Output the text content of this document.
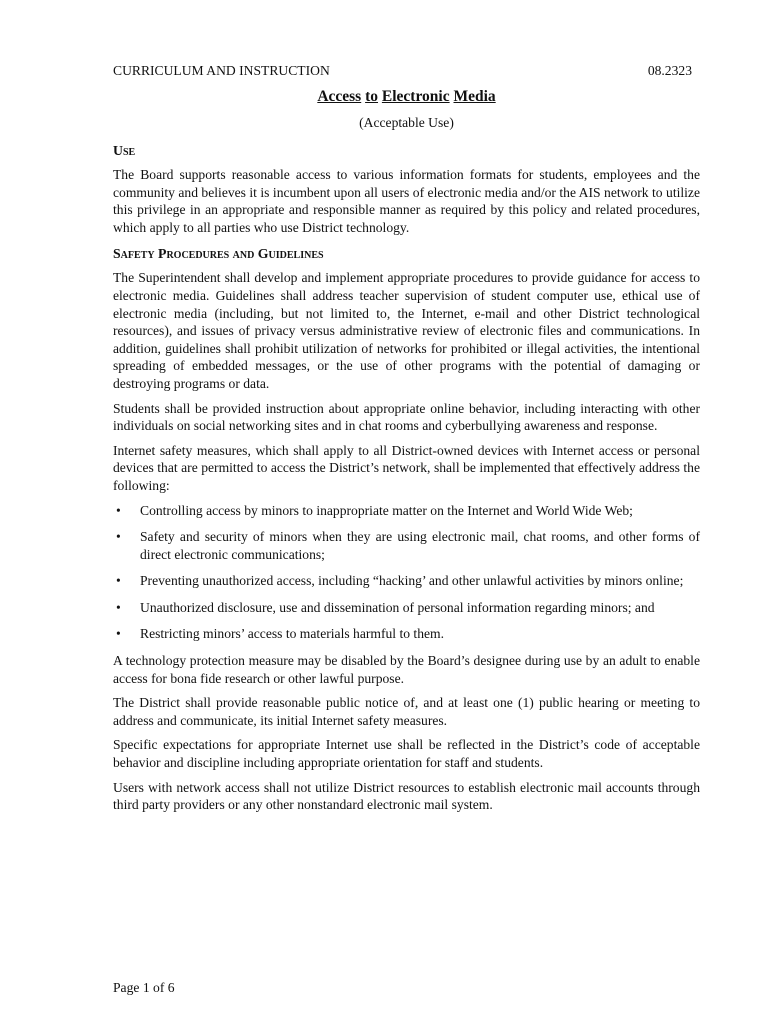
CURRICULUM AND INSTRUCTION	08.2323
Access to Electronic Media
(Acceptable Use)
Use

The Board supports reasonable access to various information formats for students, employees and the community and believes it is incumbent upon all users of electronic media and/or the AIS network to utilize this privilege in an appropriate and responsible manner as required by this policy and related procedures, which apply to all parties who use District technology.

Safety Procedures and Guidelines

The Superintendent shall develop and implement appropriate procedures to provide guidance for access to electronic media. Guidelines shall address teacher supervision of student computer use, ethical use of electronic media (including, but not limited to, the Internet, e-mail and other District technological resources), and issues of privacy versus administrative review of electronic files and communications. In addition, guidelines shall prohibit utilization of networks for prohibited or illegal activities, the intentional spreading of embedded messages, or the use of other programs with the potential of damaging or destroying programs or data.

Students shall be provided instruction about appropriate online behavior, including interacting with other individuals on social networking sites and in chat rooms and cyberbullying awareness and response.

Internet safety measures, which shall apply to all District-owned devices with Internet access or personal devices that are permitted to access the District’s network, shall be implemented that effectively address the following:

• Controlling access by minors to inappropriate matter on the Internet and World Wide Web;
• Safety and security of minors when they are using electronic mail, chat rooms, and other forms of direct electronic communications;
• Preventing unauthorized access, including “hacking’ and other unlawful activities by minors online;
• Unauthorized disclosure, use and dissemination of personal information regarding minors; and
• Restricting minors’ access to materials harmful to them.

A technology protection measure may be disabled by the Board’s designee during use by an adult to enable access for bona fide research or other lawful purpose.

The District shall provide reasonable public notice of, and at least one (1) public hearing or meeting to address and communicate, its initial Internet safety measures.

Specific expectations for appropriate Internet use shall be reflected in the District’s code of acceptable behavior and discipline including appropriate orientation for staff and students.

Users with network access shall not utilize District resources to establish electronic mail accounts through third party providers or any other nonstandard electronic mail system.

Page 1 of 6
